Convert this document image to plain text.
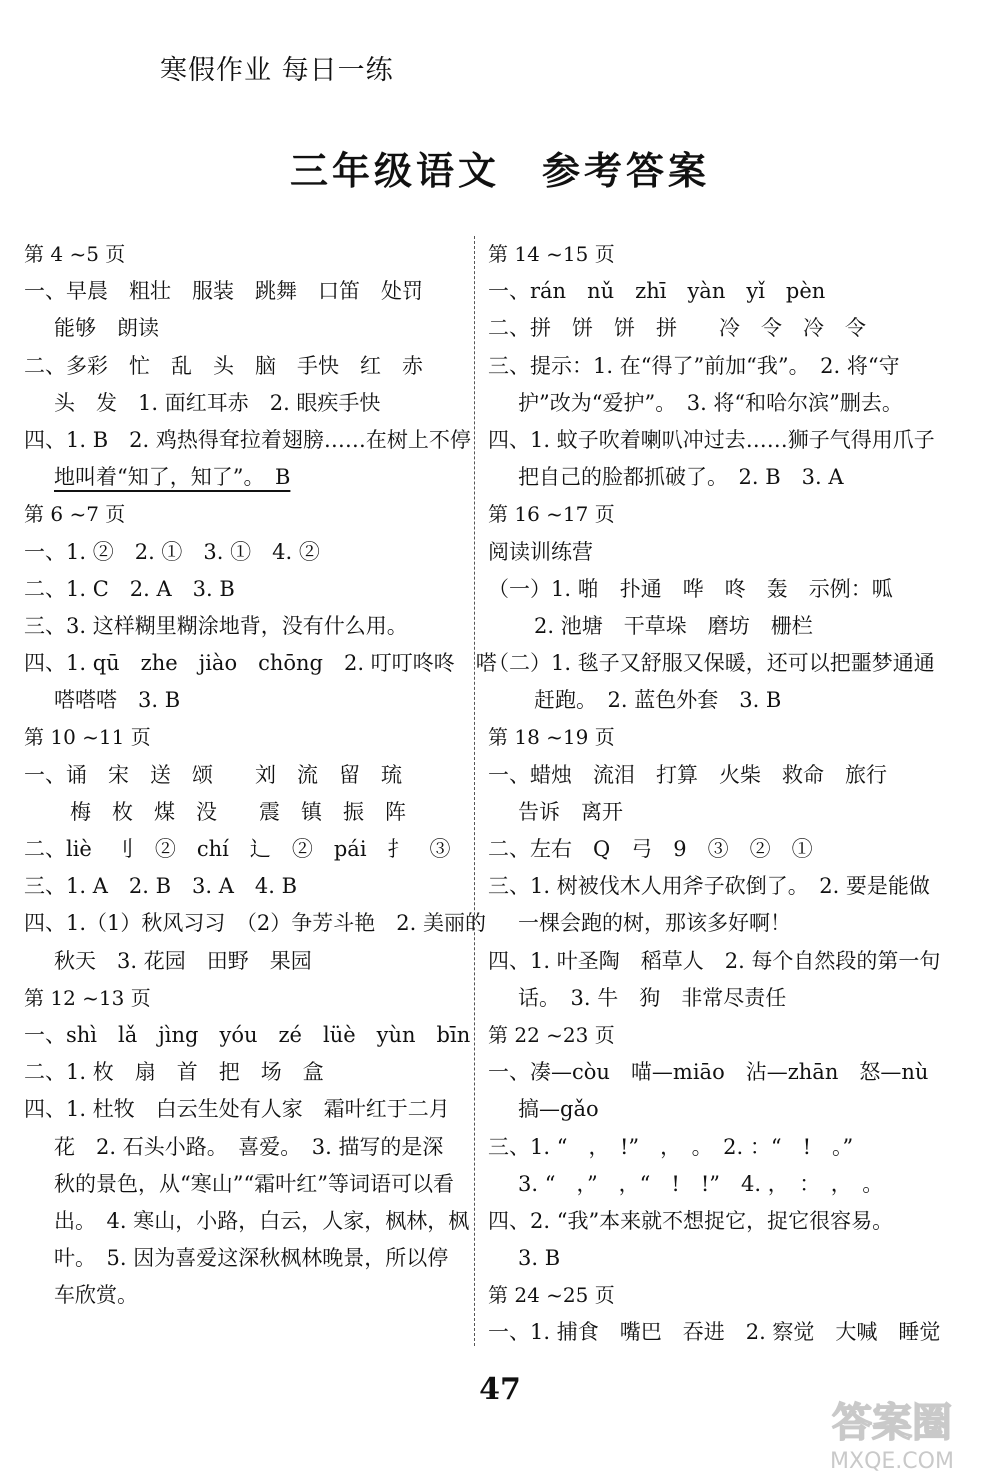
寒假作业 每日一练
三年级语文　参考答案
第 4 ~5 页
一、早晨　粗壮　服装　跳舞　口笛　处罚
能够　朗读
二、多彩　忙　乱　头　脑　手快　红　赤
头　发　1. 面红耳赤　2. 眼疾手快
四、1. B　2. 鸡热得耷拉着翅膀……在树上不停
地叫着“知了，知了”。　B
第 6 ~7 页
一、1. ②　2. ①　3. ①　4. ②
二、1. C　2. A　3. B
三、3. 这样糊里糊涂地背，没有什么用。
四、1. qū　zhe　jiào　chōng　2. 叮叮咚咚　嗒
嗒嗒嗒　3. B
第 10 ~11 页
一、诵　宋　送　颂　　刘　流　留　琉
梅　枚　煤　没　　震　镇　振　阵
二、liè　刂　②　chí　辶　②　pái　扌　③
三、1. A　2. B　3. A　4. B
四、1.（1）秋风习习　（2）争芳斗艳　2. 美丽的
秋天　3. 花园　田野　果园
第 12 ~13 页
一、shì　lǎ　jìng　yóu　zé　lüè　yùn　bīn
二、1. 枚　扇　首　把　场　盒
四、1. 杜牧　白云生处有人家　霜叶红于二月
花　2. 石头小路。　喜爱。　3. 描写的是深
秋的景色，从“寒山”“霜叶红”等词语可以看
出。　4. 寒山，小路，白云，人家，枫林，枫
叶。　5. 因为喜爱这深秋枫林晚景，所以停
车欣赏。
第 14 ~15 页
一、rán　nǔ　zhī　yàn　yǐ　pèn
二、拼　饼　饼　拼　　冷　令　冷　令
三、提示：1. 在“得了”前加“我”。　2. 将“守
护”改为“爱护”。　3. 将“和哈尔滨”删去。
四、1. 蚊子吹着喇叭冲过去……狮子气得用爪子
把自己的脸都抓破了。　2. B　3. A
第 16 ~17 页
阅读训练营
（一）1. 啪　扑通　哗　咚　轰　示例：呱
2. 池塘　干草垛　磨坊　栅栏
（二）1. 毯子又舒服又保暖，还可以把噩梦通通
赶跑。　2. 蓝色外套　3. B
第 18 ~19 页
一、蜡烛　流泪　打算　火柴　救命　旅行
告诉　离开
二、左右　Q　弓　9　③　②　①
三、1. 树被伐木人用斧子砍倒了。　2. 要是能做
一棵会跑的树，那该多好啊！
四、1. 叶圣陶　稻草人　2. 每个自然段的第一句
话。　3. 牛　狗　非常尽责任
第 22 ~23 页
一、凑—còu　喵—miāo　沾—zhān　怒—nù
搞—gǎo
三、1. “　，　!”　，　。　2. ：“　!　。”
3. “　，”　，“　!　!”　4. ，　：　，　。
四、2. “我”本来就不想捉它，捉它很容易。
3. B
第 24 ~25 页
一、1. 捕食　嘴巴　吞进　2. 察觉　大喊　睡觉
47
答案圈
MXQE.COM
